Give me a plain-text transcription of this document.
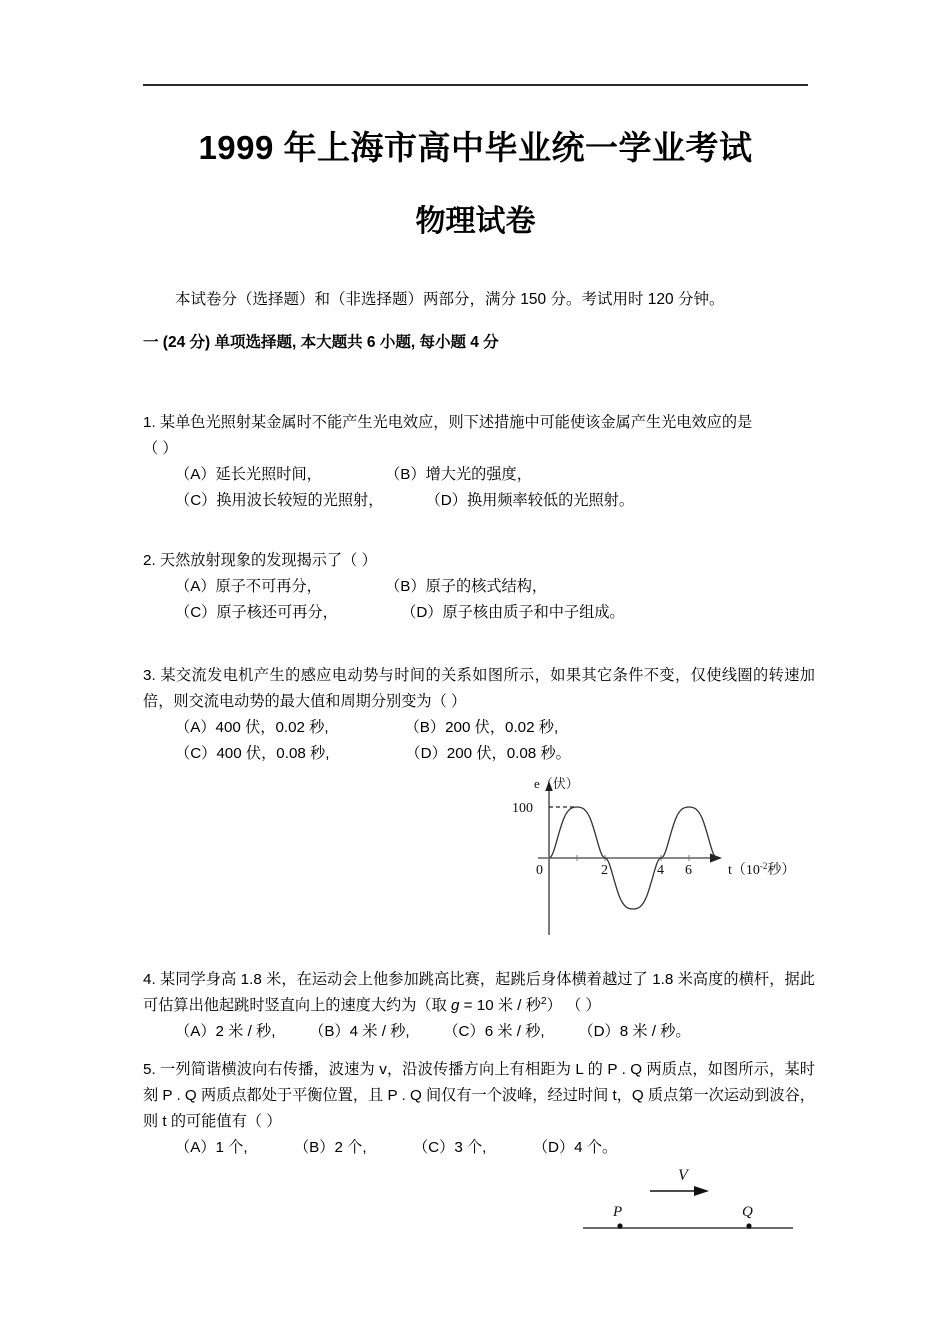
1999 年上海市高中毕业统一学业考试
物理试卷
本试卷分（选择题）和（非选择题）两部分，满分 150 分。考试用时 120 分钟。
一 (24 分) 单项选择题, 本大题共 6 小题, 每小题 4 分
1. 某单色光照射某金属时不能产生光电效应，则下述措施中可能使该金属产生光电效应的是
（ ）
（A）延长光照时间，               （B）增大光的强度，
（C）换用波长较短的光照射，          （D）换用频率较低的光照射。
2. 天然放射现象的发现揭示了（ ）
（A）原子不可再分，               （B）原子的核式结构，
（C）原子核还可再分，               （D）原子核由质子和中子组成。
3. 某交流发电机产生的感应电动势与时间的关系如图所示，如果其它条件不变，仅使线圈的转速加倍，则交流电动势的最大值和周期分别变为（ ）
（A）400 伏，0.02 秒,                  （B）200 伏，0.02 秒,
（C）400 伏，0.08 秒,                  （D）200 伏，0.08 秒。
e（伏）
100
0	2	4 6	$t(10^{-2}$秒）
4. 某同学身高 1.8 米，在运动会上他参加跳高比赛，起跳后身体横着越过了 1.8 米高度的横杆，据此可估算出他起跳时竖直向上的速度大约为（取 g = 10 米 / 秒$^2$） （ ）
（A）2 米 / 秒,        （B）4 米 / 秒,        （C）6 米 / 秒,        （D）8 米 / 秒。
5. 一列简谐横波向右传播，波速为 v，沿波传播方向上有相距为 L 的 P . Q 两质点，如图所示，某时刻 P . Q 两质点都处于平衡位置，且 P . Q 间仅有一个波峰，经过时间 t，Q 质点第一次运动到波谷，则 t 的可能值有（ ）
（A）1 个,           （B）2 个,           （C）3 个,           （D）4 个。
V
P	Q
